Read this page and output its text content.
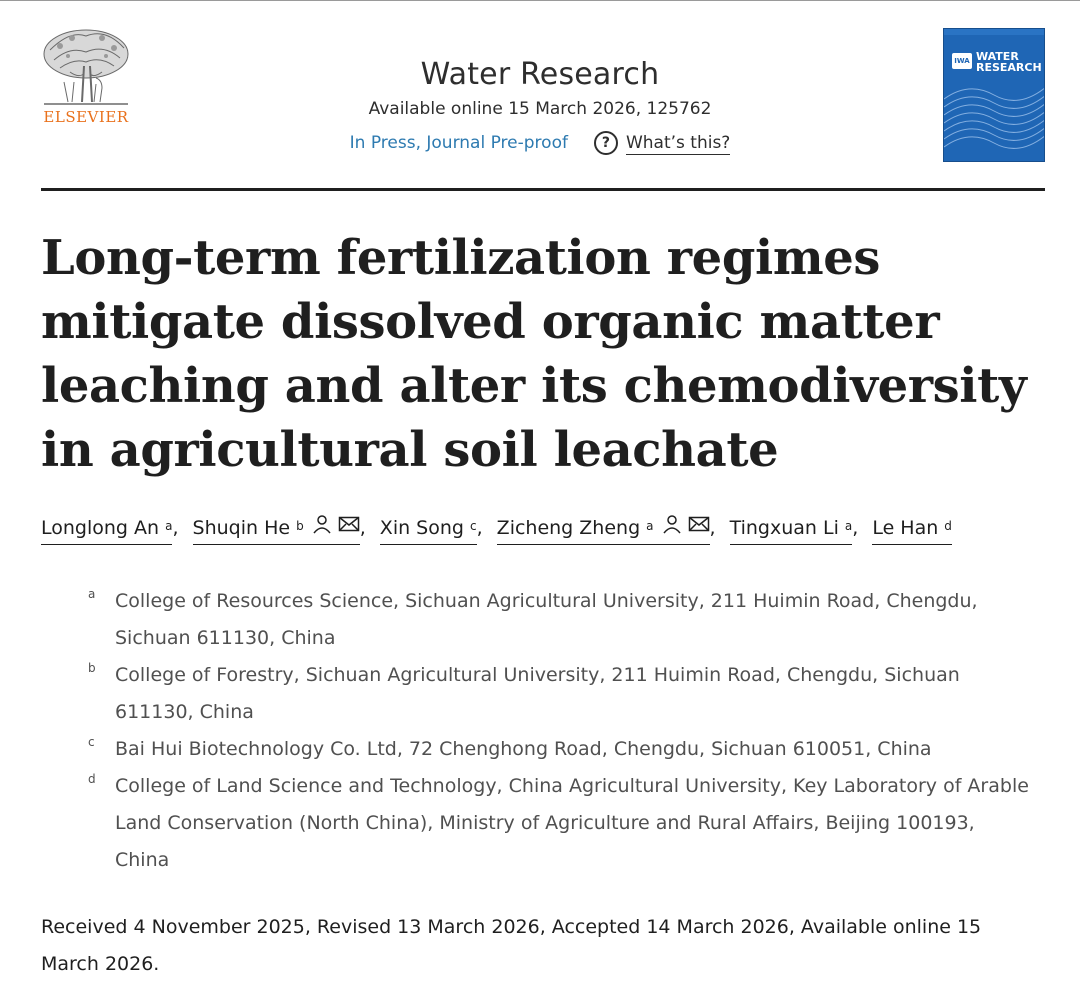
ELSEVIER
Water Research
Available online 15 March 2026, 125762
In Press, Journal Pre-proof	? What’s this?
IWA WATER
RESEARCH
Long-term fertilization regimes mitigate dissolved organic matter leaching and alter its chemodiversity in agricultural soil leachate
Longlong An $^a$ , Shuqin He $^b$	, Xin Song $^c$ , Zicheng Zheng $^a$	, Tingxuan Li $^a$ , Le Han $^d$
a	College of Resources Science, Sichuan Agricultural University, 211 Huimin Road, Chengdu, Sichuan 611130, China
b	College of Forestry, Sichuan Agricultural University, 211 Huimin Road, Chengdu, Sichuan 611130, China
c	Bai Hui Biotechnology Co. Ltd, 72 Chenghong Road, Chengdu, Sichuan 610051, China
d	College of Land Science and Technology, China Agricultural University, Key Laboratory of Arable Land Conservation (North China), Ministry of Agriculture and Rural Affairs, Beijing 100193, China
Received 4 November 2025, Revised 13 March 2026, Accepted 14 March 2026, Available online 15 March 2026.
